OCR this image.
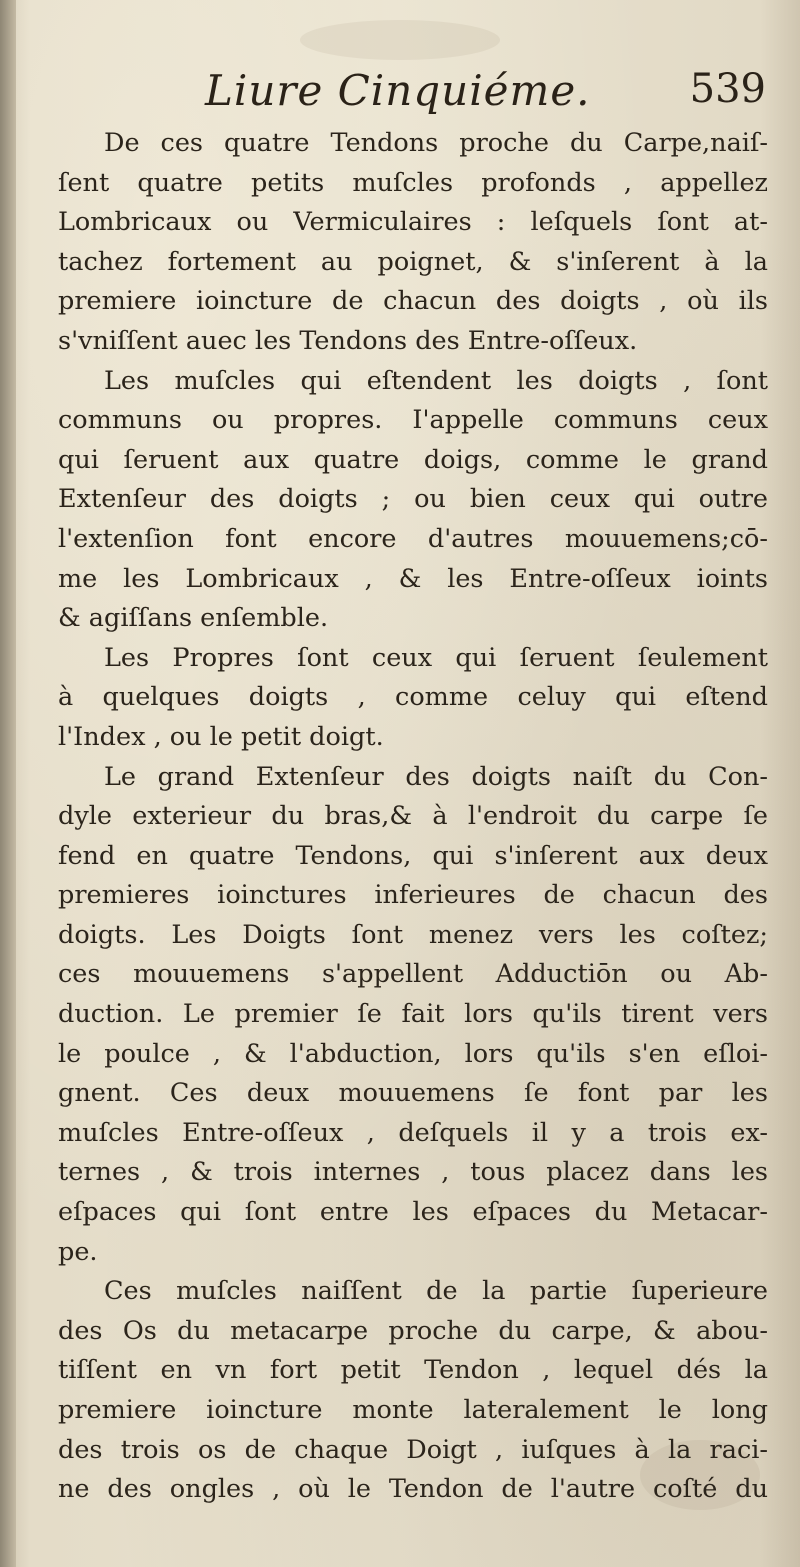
Liure Cinquiéme. 539
De ces quatre Tendons proche du Carpe,naiſ-
ſent quatre petits muſcles profonds , appellez
Lombricaux ou Vermiculaires : leſquels ſont at-
tachez fortement au poignet, & s'inſerent à la
premiere ioincture de chacun des doigts , où ils
s'vniſſent auec les Tendons des Entre-oſſeux.
Les muſcles qui eſtendent les doigts , ſont
communs ou propres. I'appelle communs ceux
qui ſeruent aux quatre doigs, comme le grand
Extenſeur des doigts ; ou bien ceux qui outre
l'extenſion font encore d'autres mouuemens;cō-
me les Lombricaux , & les Entre-oſſeux ioints
& agiſſans enſemble.
Les Propres ſont ceux qui ſeruent ſeulement
à quelques doigts , comme celuy qui eſtend
l'Index , ou le petit doigt.
Le grand Extenſeur des doigts naiſt du Con-
dyle exterieur du bras,& à l'endroit du carpe ſe
fend en quatre Tendons, qui s'inſerent aux deux
premieres ioinctures inferieures de chacun des
doigts. Les Doigts ſont menez vers les coſtez;
ces mouuemens s'appellent Adductiōn ou Ab-
duction. Le premier ſe fait lors qu'ils tirent vers
le poulce , & l'abduction, lors qu'ils s'en eſloi-
gnent. Ces deux mouuemens ſe font par les
muſcles Entre-oſſeux , deſquels il y a trois ex-
ternes , & trois internes , tous placez dans les
eſpaces qui ſont entre les eſpaces du Metacar-
pe.
Ces muſcles naiſſent de la partie ſuperieure
des Os du metacarpe proche du carpe, & abou-
tiſſent en vn fort petit Tendon , lequel dés la
premiere ioincture monte lateralement le long
des trois os de chaque Doigt , iuſques à la raci-
ne des ongles , où le Tendon de l'autre coſté du
